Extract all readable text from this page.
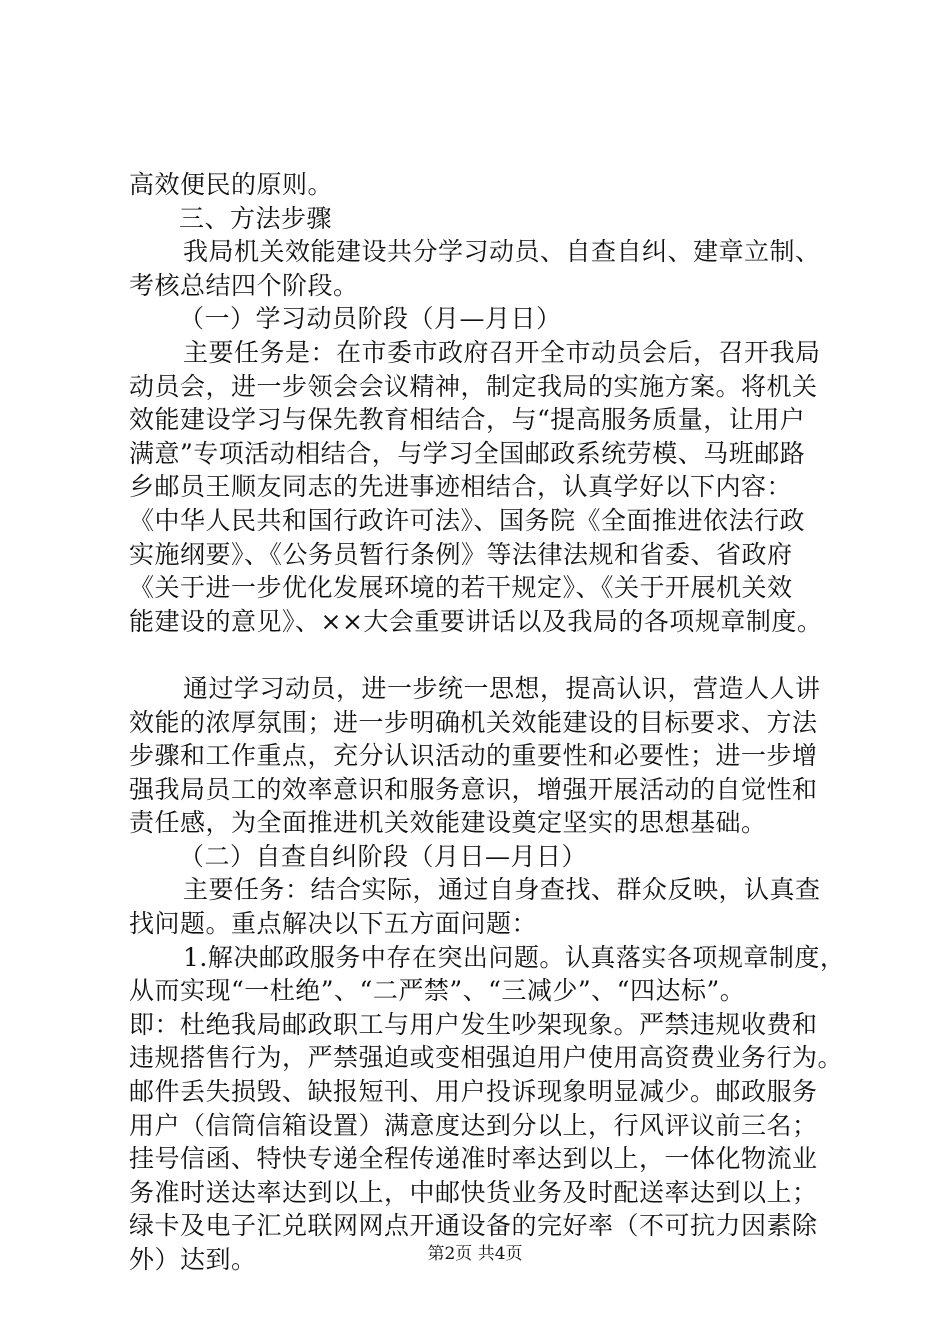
高效便民的原则。
三、方法步骤
我局机关效能建设共分学习动员、自查自纠、建章立制、
考核总结四个阶段。
（一）学习动员阶段（月—月日）
主要任务是：在市委市政府召开全市动员会后，召开我局
动员会，进一步领会会议精神，制定我局的实施方案。将机关
效能建设学习与保先教育相结合，与“提高服务质量，让用户
满意”专项活动相结合，与学习全国邮政系统劳模、马班邮路
乡邮员王顺友同志的先进事迹相结合，认真学好以下内容：
《中华人民共和国行政许可法》、国务院《全面推进依法行政
实施纲要》、《公务员暂行条例》等法律法规和省委、省政府
《关于进一步优化发展环境的若干规定》、《关于开展机关效
能建设的意见》、××大会重要讲话以及我局的各项规章制度。
通过学习动员，进一步统一思想，提高认识，营造人人讲
效能的浓厚氛围；进一步明确机关效能建设的目标要求、方法
步骤和工作重点，充分认识活动的重要性和必要性；进一步增
强我局员工的效率意识和服务意识，增强开展活动的自觉性和
责任感，为全面推进机关效能建设奠定坚实的思想基础。
（二）自查自纠阶段（月日—月日）
主要任务：结合实际，通过自身查找、群众反映，认真查
找问题。重点解决以下五方面问题：
1.解决邮政服务中存在突出问题。认真落实各项规章制度，
从而实现“一杜绝”、“二严禁”、“三减少”、“四达标”。
即：杜绝我局邮政职工与用户发生吵架现象。严禁违规收费和
违规搭售行为，严禁强迫或变相强迫用户使用高资费业务行为。
邮件丢失损毁、缺报短刊、用户投诉现象明显减少。邮政服务
用户（信筒信箱设置）满意度达到分以上，行风评议前三名；
挂号信函、特快专递全程传递准时率达到以上，一体化物流业
务准时送达率达到以上，中邮快货业务及时配送率达到以上；
绿卡及电子汇兑联网网点开通设备的完好率（不可抗力因素除
外）达到。	第2页 共4页
